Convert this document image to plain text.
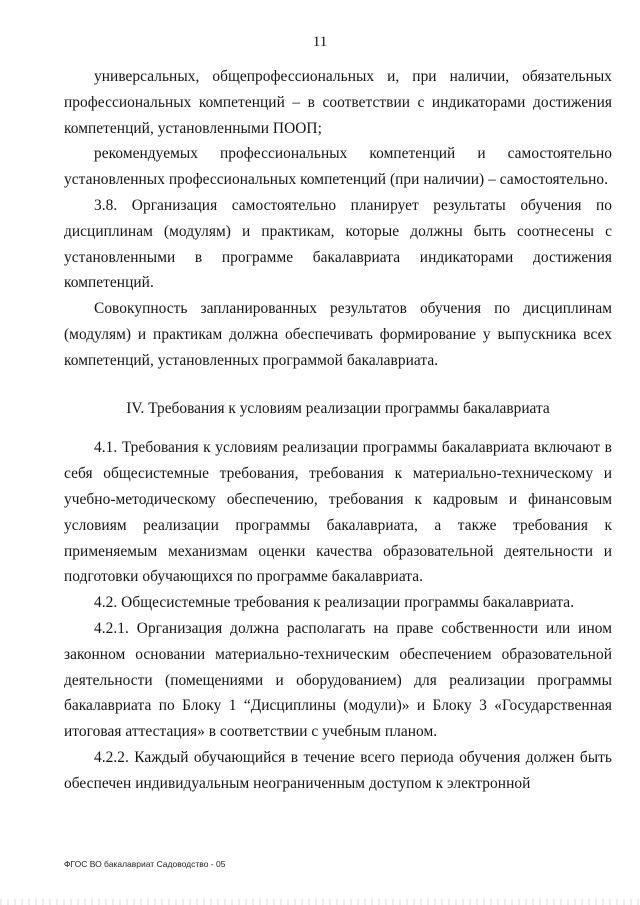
11

универсальных, общепрофессиональных и, при наличии, обязательных профессиональных компетенций – в соответствии с индикаторами достижения компетенций, установленными ПООП;

рекомендуемых профессиональных компетенций и самостоятельно установленных профессиональных компетенций (при наличии) – самостоятельно.

3.8. Организация самостоятельно планирует результаты обучения по дисциплинам (модулям) и практикам, которые должны быть соотнесены с установленными в программе бакалавриата индикаторами достижения компетенций.

Совокупность запланированных результатов обучения по дисциплинам (модулям) и практикам должна обеспечивать формирование у выпускника всех компетенций, установленных программой бакалавриата.

IV. Требования к условиям реализации программы бакалавриата

4.1. Требования к условиям реализации программы бакалавриата включают в себя общесистемные требования, требования к материально-техническому и учебно-методическому обеспечению, требования к кадровым и финансовым условиям реализации программы бакалавриата, а также требования к применяемым механизмам оценки качества образовательной деятельности и подготовки обучающихся по программе бакалавриата.

4.2. Общесистемные требования к реализации программы бакалавриата.

4.2.1. Организация должна располагать на праве собственности или ином законном основании материально-техническим обеспечением образовательной деятельности (помещениями и оборудованием) для реализации программы бакалавриата по Блоку 1 “Дисциплины (модули)» и Блоку 3 «Государственная итоговая аттестация» в соответствии с учебным планом.

4.2.2. Каждый обучающийся в течение всего периода обучения должен быть обеспечен индивидуальным неограниченным доступом к электронной

ФГОС ВО бакалавриат Садоводство - 05
